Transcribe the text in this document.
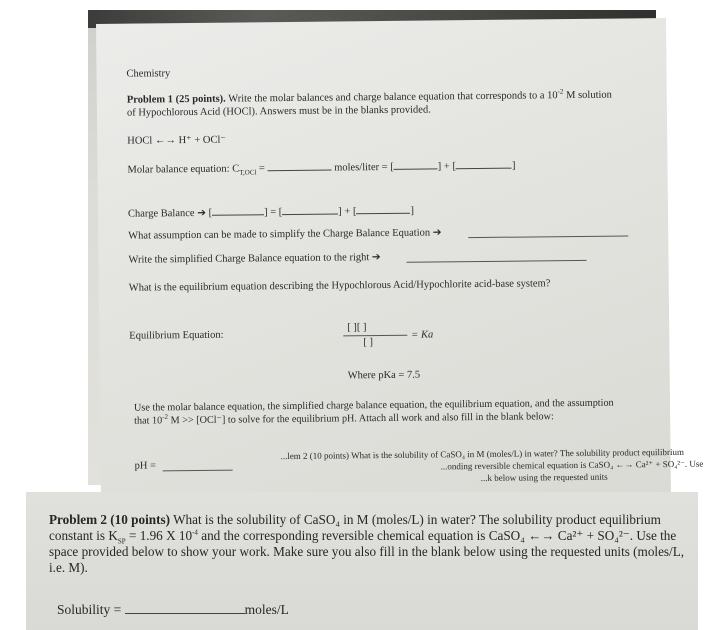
Chemistry
Problem 1 (25 points). Write the molar balances and charge balance equation that corresponds to a $10^{-2}$ M solution
of Hypochlorous Acid (HOCl). Answers must be in the blanks provided.
HOCl ←→ H⁺ + OCl⁻
Molar balance equation: $C_{T,OCl}$ =	moles/liter = [	] + [	]
Charge Balance ➔ [	] = [	] + [	]
What assumption can be made to simplify the Charge Balance Equation ➔
Write the simplified Charge Balance equation to the right ➔
What is the equilibrium equation describing the Hypochlorous Acid/Hypochlorite acid-base system?
Equilibrium Equation:
[ ][ ]
[ ]
= Ka
Where pKa = 7.5
Use the molar balance equation, the simplified charge balance equation, the equilibrium equation, and the assumption
that $10^{-2}$ M >> [OCl⁻] to solve for the equilibrium pH. Attach all work and also fill in the blank below:
pH =
...lem 2 (10 points) What is the solubility of CaSO₄ in M (moles/L) in water? The solubility product equilibrium
...onding reversible chemical equation is CaSO₄ ←→ Ca²⁺ + SO₄²⁻. Use
...k below using the requested units
Problem 2 (10 points) What is the solubility of CaSO₄ in M (moles/L) in water? The solubility product equilibrium constant is $K_{SP} = 1.96$ X $10^{-4}$ and the corresponding reversible chemical equation is CaSO₄ ←→ Ca²⁺ + SO₄²⁻. Use the space provided below to show your work. Make sure you also fill in the blank below using the requested units (moles/L, i.e. M).
Solubility =	moles/L
